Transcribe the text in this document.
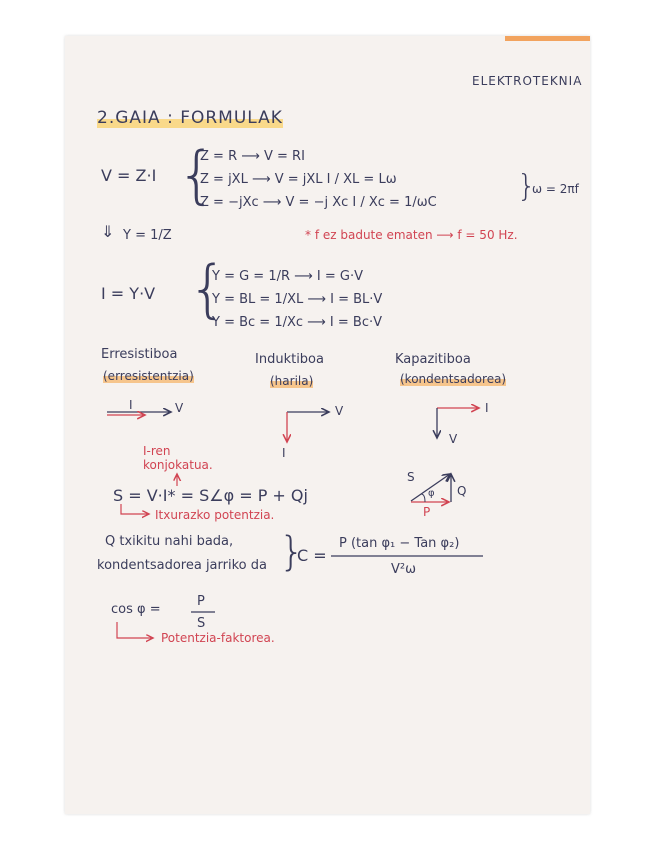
ELEKTROTEKNIA
2.GAIA : FORMULAK
V = Z·I {
Z = R ⟶ V = RI
Z = jXL ⟶ V = jXL I / XL = Lω
Z = −jXc ⟶ V = −j Xc I / Xc = 1/ωC	}
ω = 2πf
⇓ Y = 1/Z	* f ez badute ematen ⟶ f = 50 Hz.
I = Y·V {
Y = G = 1/R ⟶ I = G·V
Y = BL = 1/XL ⟶ I = BL·V
Y = Bc = 1/Xc ⟶ I = Bc·V
Erresistiboa
(erresistentzia)
Induktiboa
(harila)
Kapazitiboa
(kondentsadorea)
I	V	V
I
I
V
I-ren konjokatua.
S = V·I* = S∠φ = P + Qj
Itxurazko potentzia.
S
Q
P
φ
Q txikitu nahi bada,
kondentsadorea jarriko da }
C =
P (tan φ₁ − Tan φ₂)
V²ω
cos φ =
P
S
Potentzia-faktorea.
